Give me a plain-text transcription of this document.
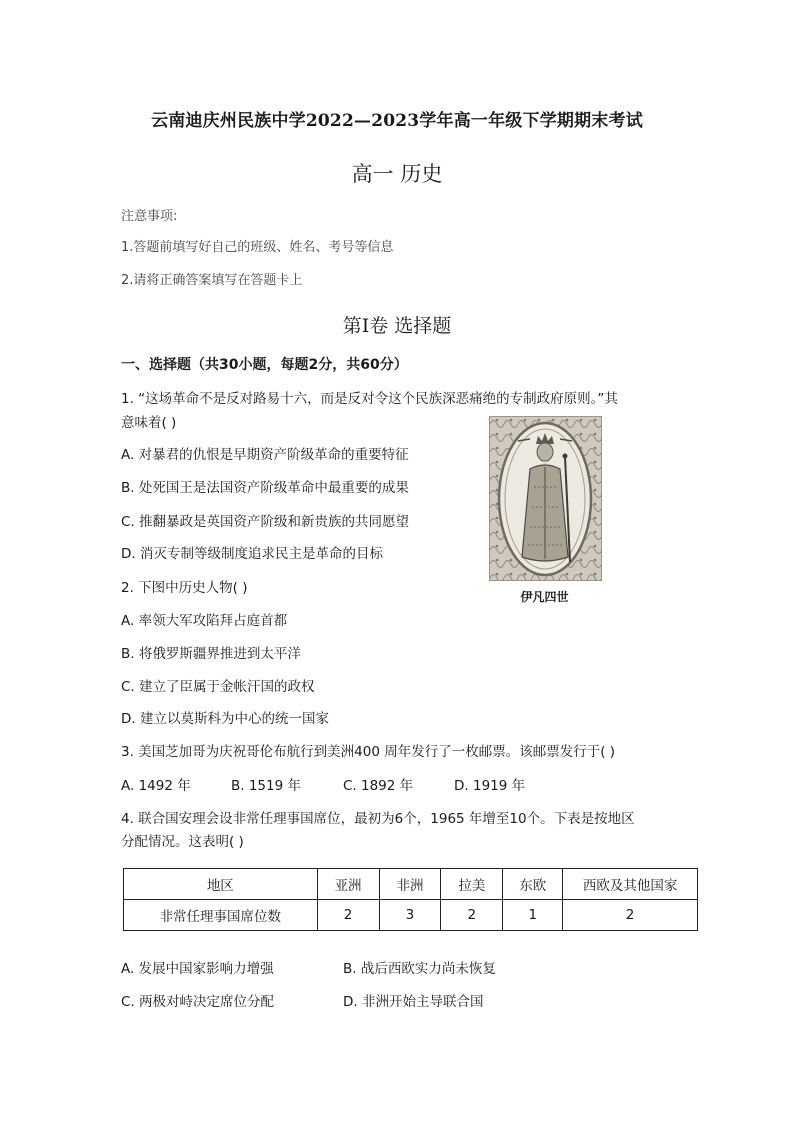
云南迪庆州民族中学2022—2023学年高一年级下学期期末考试
高一 历史
注意事项:
1.答题前填写好自己的班级、姓名、考号等信息
2.请将正确答案填写在答题卡上
第Ⅰ卷 选择题
一、选择题（共30小题，每题2分，共60分）
1. “这场革命不是反对路易十六，而是反对令这个民族深恶痛绝的专制政府原则。”其
意味着( )
A. 对暴君的仇恨是早期资产阶级革命的重要特征
B. 处死国王是法国资产阶级革命中最重要的成果
C. 推翻暴政是英国资产阶级和新贵族的共同愿望
D. 消灭专制等级制度追求民主是革命的目标
伊凡四世
2. 下图中历史人物( )
A. 率领大军攻陷拜占庭首都
B. 将俄罗斯疆界推进到太平洋
C. 建立了臣属于金帐汗国的政权
D. 建立以莫斯科为中心的统一国家
3. 美国芝加哥为庆祝哥伦布航行到美洲400 周年发行了一枚邮票。该邮票发行于( )
A. 1492 年	B. 1519 年	C. 1892 年	D. 1919 年
4. 联合国安理会设非常任理事国席位，最初为6个，1965 年增至10个。下表是按地区
分配情况。这表明( )
地区	亚洲	非洲	拉美	东欧	西欧及其他国家
非常任理事国席位数	2	3	2	1	2
A. 发展中国家影响力增强	B. 战后西欧实力尚未恢复
C. 两极对峙决定席位分配	D. 非洲开始主导联合国
